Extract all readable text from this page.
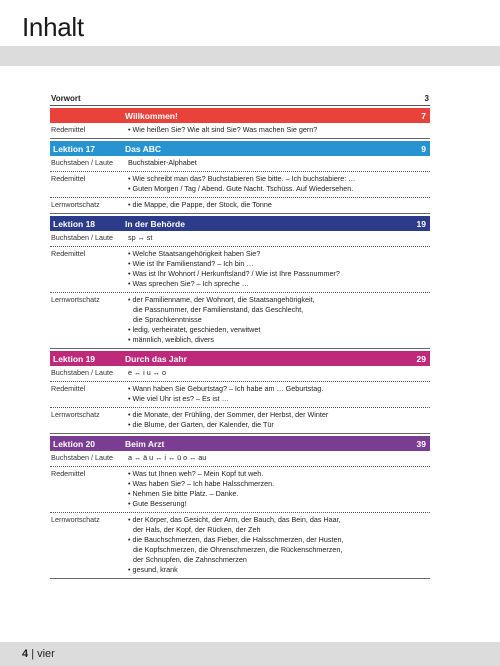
Inhalt
Vorwort	3
Willkommen!	7
Redemittel	• Wie heißen Sie? Wie alt sind Sie? Was machen Sie gern?
Lektion 17	Das ABC	9
Buchstaben / Laute	Buchstabier-Alphabet
Redemittel	• Wie schreibt man das? Buchstabieren Sie bitte. – Ich buchstabiere: …
• Guten Morgen / Tag / Abend. Gute Nacht. Tschüss. Auf Wiedersehen.
Lernwortschatz	• die Mappe, die Pappe, der Stock, die Tonne
Lektion 18	In der Behörde	19
Buchstaben / Laute	sp ↔ st
Redemittel	• Welche Staatsangehörigkeit haben Sie?
• Wie ist Ihr Familienstand? – Ich bin …
• Was ist Ihr Wohnort / Herkunftsland? / Wie ist Ihre Passnummer?
• Was sprechen Sie? – Ich spreche …
Lernwortschatz	• der Familienname, der Wohnort, die Staatsangehörigkeit,
die Passnummer, der Familienstand, das Geschlecht,
die Sprachkenntnisse
• ledig, verheiratet, geschieden, verwitwet
• männlich, weiblich, divers
Lektion 19	Durch das Jahr	29
Buchstaben / Laute	e ↔ i u ↔ o
Redemittel	• Wann haben Sie Geburtstag? – Ich habe am … Geburtstag.
• Wie viel Uhr ist es? – Es ist …
Lernwortschatz	• die Monate, der Frühling, der Sommer, der Herbst, der Winter
• die Blume, der Garten, der Kalender, die Tür
Lektion 20	Beim Arzt	39
Buchstaben / Laute	a ↔ ä u ↔ i ↔ ü o ↔ au
Redemittel	• Was tut Ihnen weh? – Mein Kopf tut weh.
• Was haben Sie? – Ich habe Halsschmerzen.
• Nehmen Sie bitte Platz. – Danke.
• Gute Besserung!
Lernwortschatz	• der Körper, das Gesicht, der Arm, der Bauch, das Bein, das Haar,
der Hals, der Kopf, der Rücken, der Zeh
• die Bauchschmerzen, das Fieber, die Halsschmerzen, der Husten,
die Kopfschmerzen, die Ohrenschmerzen, die Rückenschmerzen,
der Schnupfen, die Zahnschmerzen
• gesund, krank
4 | vier
